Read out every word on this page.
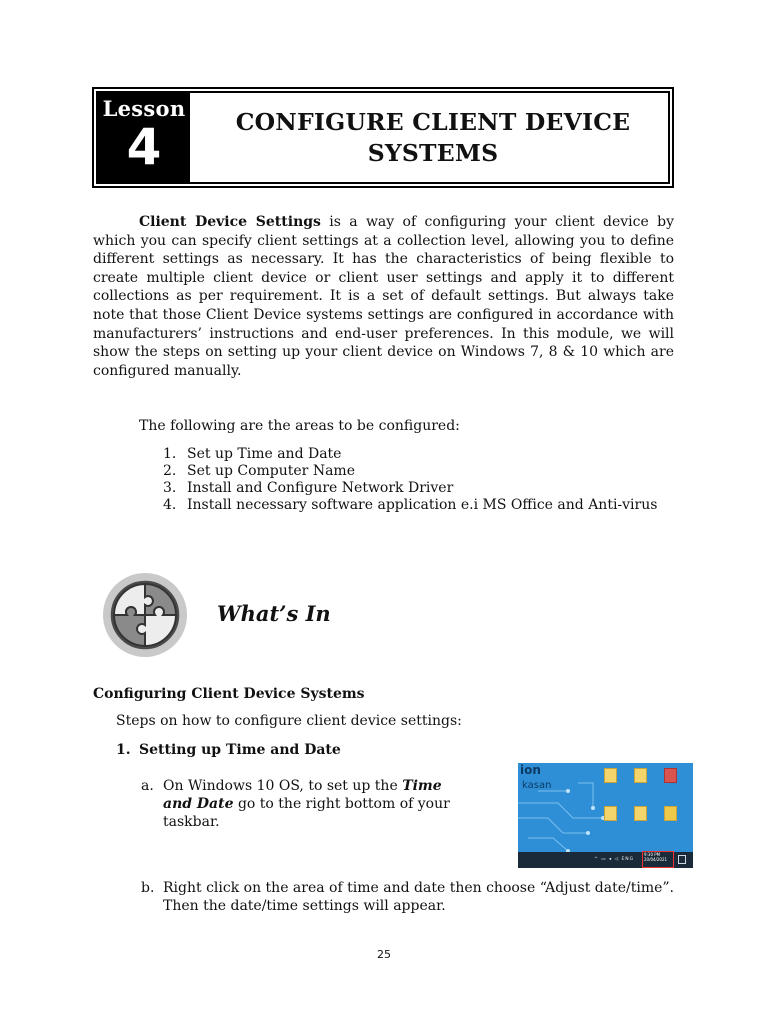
Lesson
4	CONFIGURE CLIENT DEVICE
SYSTEMS

Client Device Settings is a way of configuring your client device by which you can specify client settings at a collection level, allowing you to define different settings as necessary. It has the characteristics of being flexible to create multiple client device or client user settings and apply it to different collections as per requirement. It is a set of default settings. But always take note that those Client Device systems settings are configured in accordance with manufacturers’ instructions and end-user preferences. In this module, we will show the steps on setting up your client device on Windows 7, 8 & 10 which are configured manually.

The following are the areas to be configured:
1. Set up Time and Date
2. Set up Computer Name
3. Install and Configure Network Driver
4. Install necessary software application e.i MS Office and Anti-virus
What’s In
Configuring Client Device Systems
Steps on how to configure client device settings:
1. Setting up Time and Date
a. On Windows 10 OS, to set up the Time and Date go to the right bottom of your taskbar.
ion
kasan
^ ▭ ◂ ◁ ENG
9:30 PM
20/04/2021
b. Right click on the area of time and date then choose “Adjust date/time”. Then the date/time settings will appear.
25
